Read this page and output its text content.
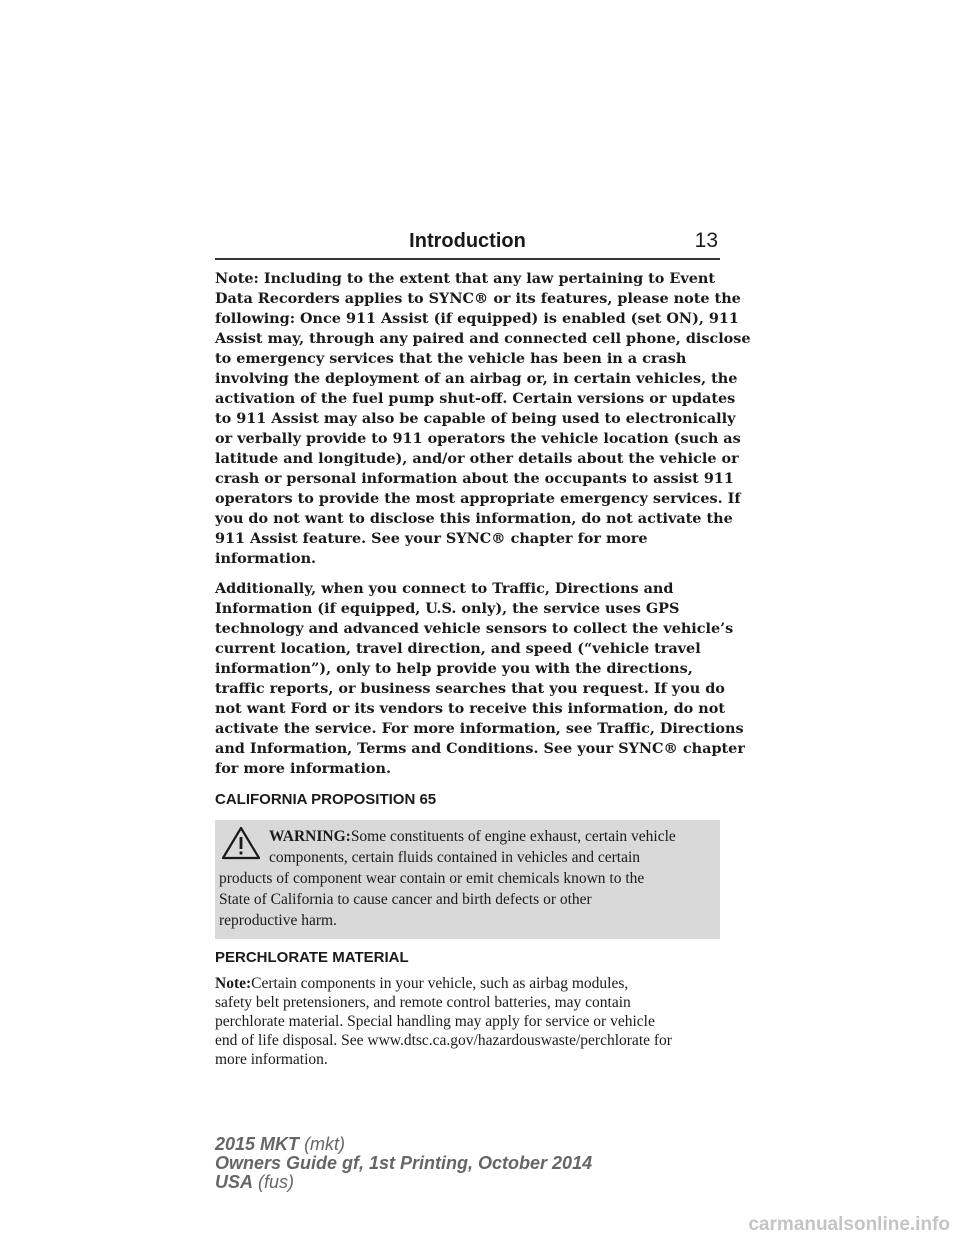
Introduction	13
Note: Including to the extent that any law pertaining to Event
Data Recorders applies to SYNC® or its features, please note the
following: Once 911 Assist (if equipped) is enabled (set ON), 911
Assist may, through any paired and connected cell phone, disclose
to emergency services that the vehicle has been in a crash
involving the deployment of an airbag or, in certain vehicles, the
activation of the fuel pump shut-off. Certain versions or updates
to 911 Assist may also be capable of being used to electronically
or verbally provide to 911 operators the vehicle location (such as
latitude and longitude), and/or other details about the vehicle or
crash or personal information about the occupants to assist 911
operators to provide the most appropriate emergency services. If
you do not want to disclose this information, do not activate the
911 Assist feature. See your SYNC® chapter for more
information.
Additionally, when you connect to Traffic, Directions and
Information (if equipped, U.S. only), the service uses GPS
technology and advanced vehicle sensors to collect the vehicle’s
current location, travel direction, and speed (“vehicle travel
information”), only to help provide you with the directions,
traffic reports, or business searches that you request. If you do
not want Ford or its vendors to receive this information, do not
activate the service. For more information, see Traffic, Directions
and Information, Terms and Conditions. See your SYNC® chapter
for more information.
CALIFORNIA PROPOSITION 65
WARNING:Some constituents of engine exhaust, certain vehicle
components, certain fluids contained in vehicles and certain
products of component wear contain or emit chemicals known to the
State of California to cause cancer and birth defects or other
reproductive harm.
PERCHLORATE MATERIAL
Note:Certain components in your vehicle, such as airbag modules,
safety belt pretensioners, and remote control batteries, may contain
perchlorate material. Special handling may apply for service or vehicle
end of life disposal. See www.dtsc.ca.gov/hazardouswaste/perchlorate for
more information.
2015 MKT (mkt)
Owners Guide gf, 1st Printing, October 2014
USA (fus)
carmanualsonline.info
